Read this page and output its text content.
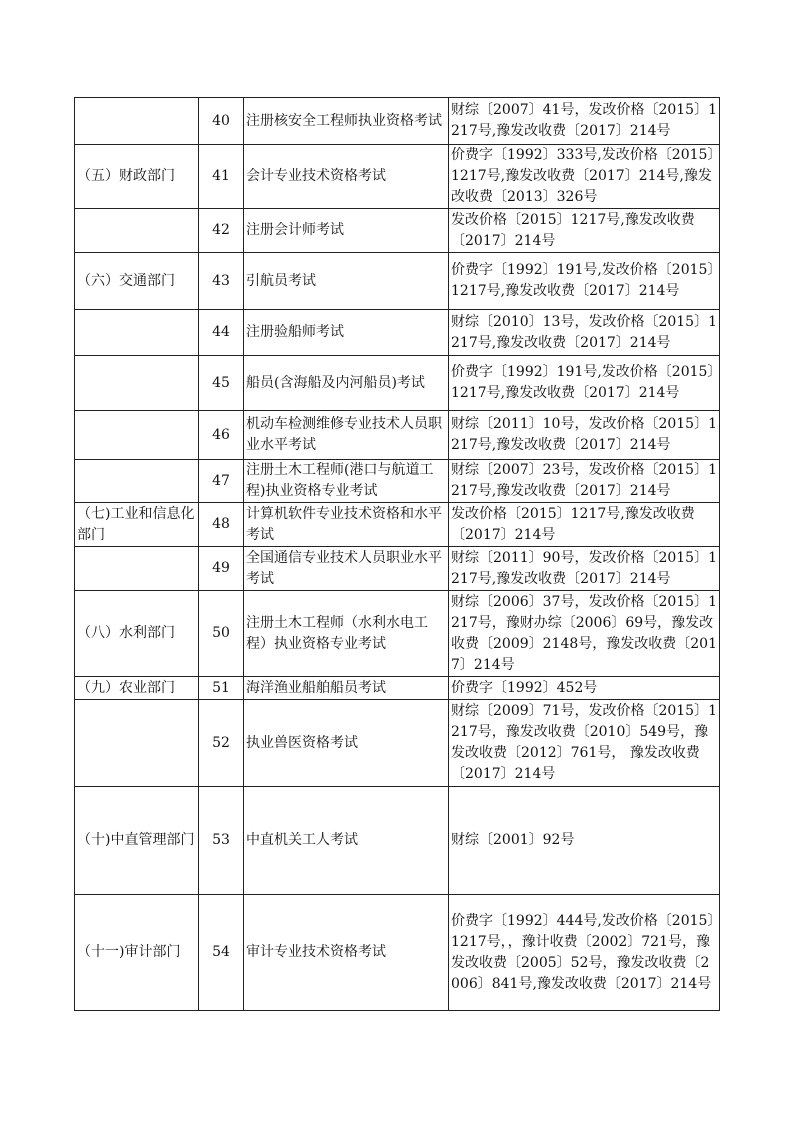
	40	注册核安全工程师执业资格考试	财综〔2007〕41号，发改价格〔2015〕1217号,豫发改收费〔2017〕214号
（五）财政部门	41	会计专业技术资格考试	价费字〔1992〕333号,发改价格〔2015〕1217号,豫发改收费〔2017〕214号,豫发改收费〔2013〕326号
	42	注册会计师考试	发改价格〔2015〕1217号,豫发改收费〔2017〕214号
（六）交通部门	43	引航员考试	价费字〔1992〕191号,发改价格〔2015〕1217号,豫发改收费〔2017〕214号
	44	注册验船师考试	财综〔2010〕13号，发改价格〔2015〕1217号,豫发改收费〔2017〕214号
	45	船员(含海船及内河船员)考试	价费字〔1992〕191号,发改价格〔2015〕1217号,豫发改收费〔2017〕214号
	46	机动车检测维修专业技术人员职业水平考试	财综〔2011〕10号，发改价格〔2015〕1217号,豫发改收费〔2017〕214号
	47	注册土木工程师(港口与航道工程)执业资格专业考试	财综〔2007〕23号，发改价格〔2015〕1217号,豫发改收费〔2017〕214号
（七)工业和信息化部门	48	计算机软件专业技术资格和水平考试	发改价格〔2015〕1217号,豫发改收费〔2017〕214号
	49	全国通信专业技术人员职业水平考试	财综〔2011〕90号，发改价格〔2015〕1217号,豫发改收费〔2017〕214号
（八）水利部门	50	注册土木工程师（水利水电工程）执业资格专业考试	财综〔2006〕37号，发改价格〔2015〕1217号，豫财办综〔2006〕69号，豫发改收费〔2009〕2148号，豫发改收费〔2017〕214号
（九）农业部门	51	海洋渔业船舶船员考试	价费字〔1992〕452号
	52	执业兽医资格考试	财综〔2009〕71号，发改价格〔2015〕1217号，豫发改收费〔2010〕549号，豫发改收费〔2012〕761号， 豫发改收费〔2017〕214号
（十)中直管理部门	53	中直机关工人考试	财综〔2001〕92号
（十一)审计部门	54	审计专业技术资格考试	价费字〔1992〕444号,发改价格〔2015〕1217号，，豫计收费〔2002〕721号，豫发改收费〔2005〕52号，豫发改收费〔2006〕841号,豫发改收费〔2017〕214号
